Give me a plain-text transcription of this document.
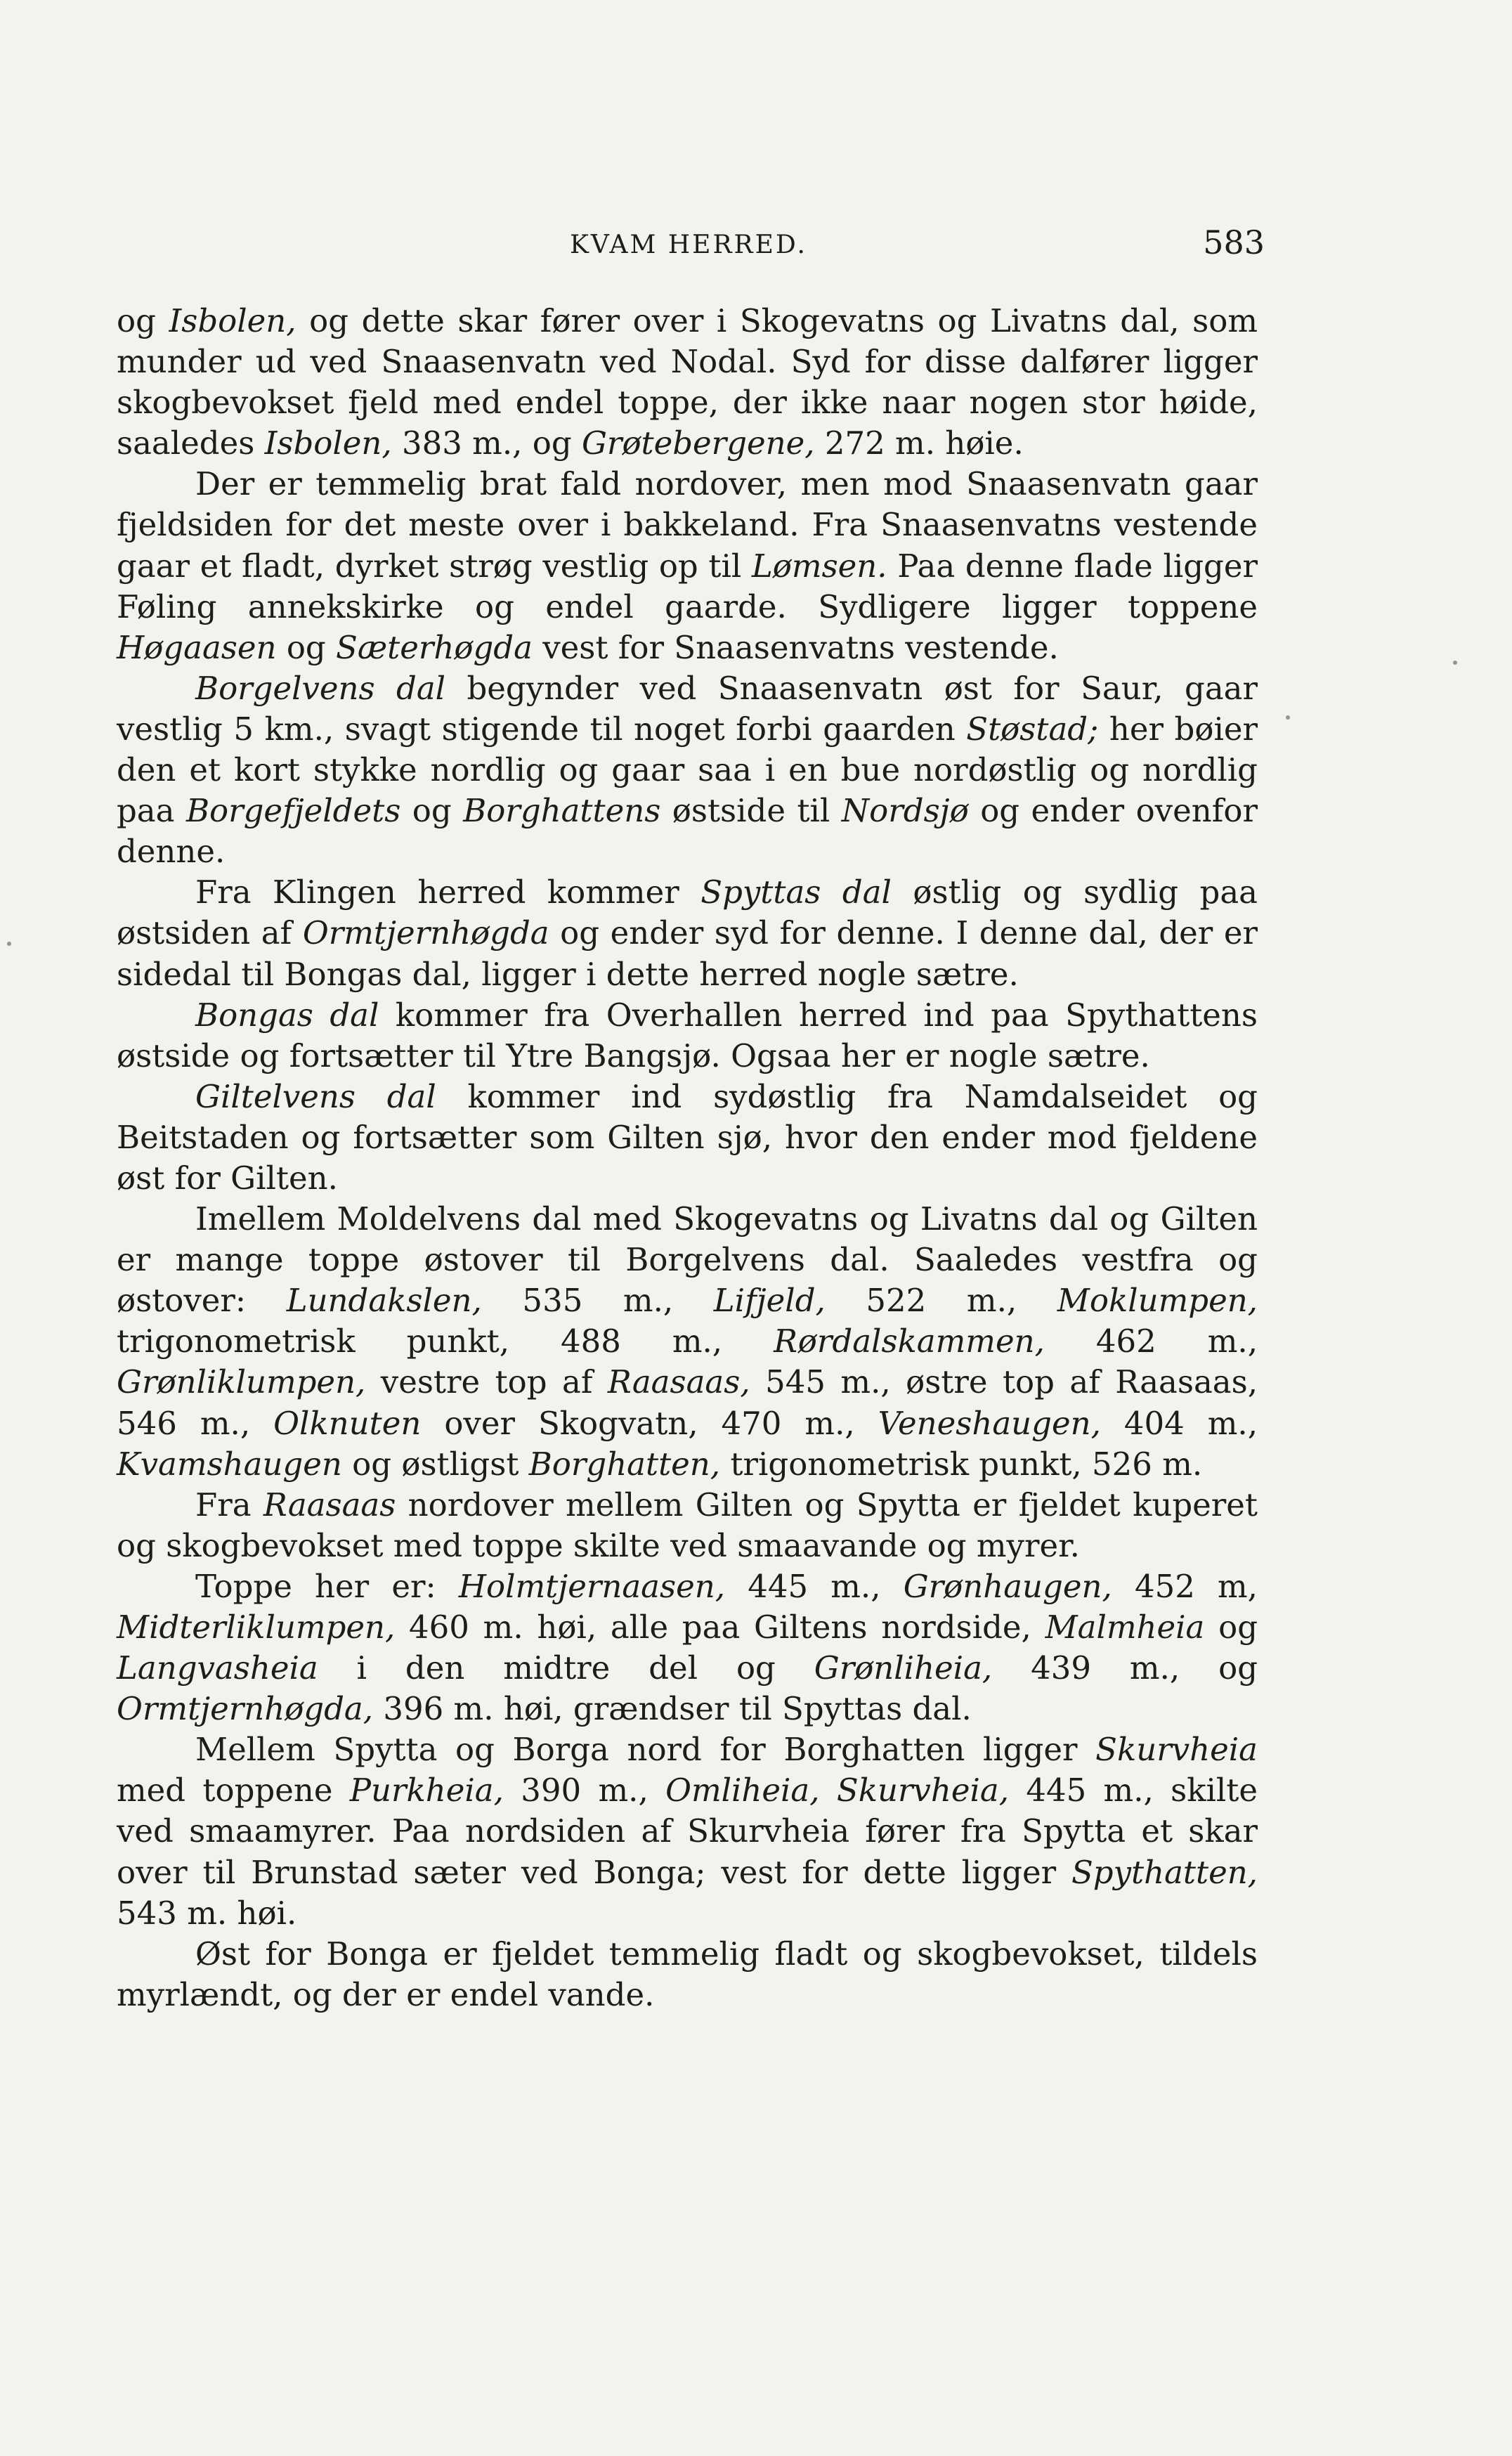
KVAM HERRED.	583

og Isbolen, og dette skar fører over i Skogevatns og Livatns dal, som munder ud ved Snaasenvatn ved Nodal. Syd for disse dalfører ligger skogbevokset fjeld med endel toppe, der ikke naar nogen stor høide, saaledes Isbolen, 383 m., og Grøtebergene, 272 m. høie.

Der er temmelig brat fald nordover, men mod Snaasenvatn gaar fjeldsiden for det meste over i bakkeland. Fra Snaasenvatns vestende gaar et fladt, dyrket strøg vestlig op til Lømsen. Paa denne flade ligger Føling annekskirke og endel gaarde. Sydligere ligger toppene Høgaasen og Sæterhøgda vest for Snaasenvatns vestende.

Borgelvens dal begynder ved Snaasenvatn øst for Saur, gaar vestlig 5 km., svagt stigende til noget forbi gaarden Støstad; her bøier den et kort stykke nordlig og gaar saa i en bue nordøstlig og nordlig paa Borgefjeldets og Borghattens østside til Nordsjø og ender ovenfor denne.

Fra Klingen herred kommer Spyttas dal østlig og sydlig paa østsiden af Ormtjernhøgda og ender syd for denne. I denne dal, der er sidedal til Bongas dal, ligger i dette herred nogle sætre.

Bongas dal kommer fra Overhallen herred ind paa Spythattens østside og fortsætter til Ytre Bangsjø. Ogsaa her er nogle sætre.

Giltelvens dal kommer ind sydøstlig fra Namdalseidet og Beitstaden og fortsætter som Gilten sjø, hvor den ender mod fjeldene øst for Gilten.

Imellem Moldelvens dal med Skogevatns og Livatns dal og Gilten er mange toppe østover til Borgelvens dal. Saaledes vestfra og østover: Lundakslen, 535 m., Lifjeld, 522 m., Moklumpen, trigonometrisk punkt, 488 m., Rørdalskammen, 462 m., Grønliklumpen, vestre top af Raasaas, 545 m., østre top af Raasaas, 546 m., Olknuten over Skogvatn, 470 m., Veneshaugen, 404 m., Kvamshaugen og østligst Borghatten, trigonometrisk punkt, 526 m.

Fra Raasaas nordover mellem Gilten og Spytta er fjeldet kuperet og skogbevokset med toppe skilte ved smaavande og myrer.

Toppe her er: Holmtjernaasen, 445 m., Grønhaugen, 452 m, Midterliklumpen, 460 m. høi, alle paa Giltens nordside, Malmheia og Langvasheia i den midtre del og Grønliheia, 439 m., og Ormtjernhøgda, 396 m. høi, grændser til Spyttas dal.

Mellem Spytta og Borga nord for Borghatten ligger Skurvheia med toppene Purkheia, 390 m., Omliheia, Skurvheia, 445 m., skilte ved smaamyrer. Paa nordsiden af Skurvheia fører fra Spytta et skar over til Brunstad sæter ved Bonga; vest for dette ligger Spythatten, 543 m. høi.

Øst for Bonga er fjeldet temmelig fladt og skogbevokset, tildels myrlændt, og der er endel vande.
